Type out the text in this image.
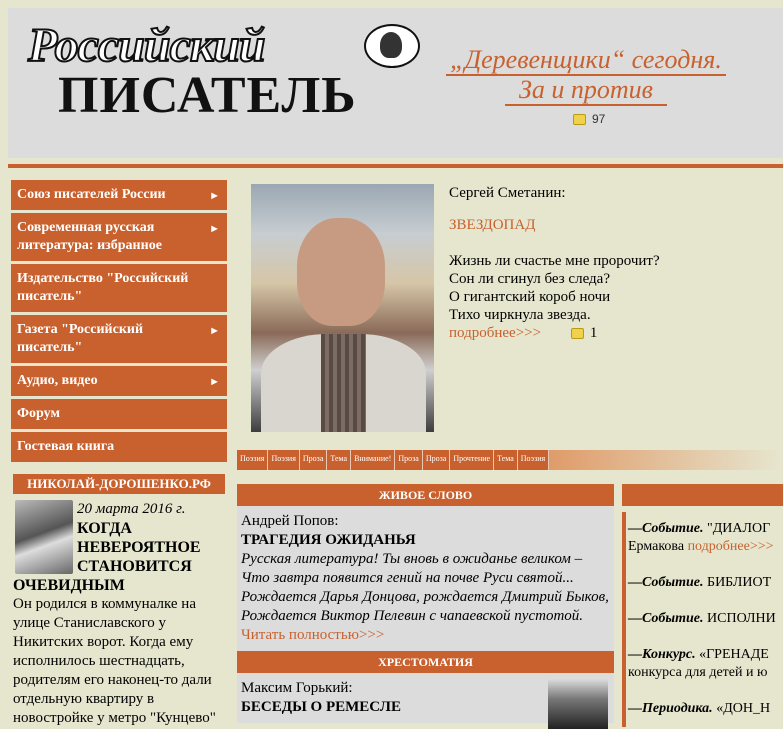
Российский
ПИСАТЕЛЬ
„Деревенщики“ сегодня.
За и против
97
Союз писателей России	►
Современная русская литература: избранное
►
Издательство "Российский писатель"
Газета "Российский писатель"
►
Аудио, видео	►
Форум
Гостевая книга
НИКОЛАЙ-ДОРОШЕНКО.РФ
20 марта 2016 г.
КОГДА НЕВЕРОЯТНОЕ СТАНОВИТСЯ ОЧЕВИДНЫМ
Он родился в коммуналке на улице Станиславского у Никитских ворот. Когда ему исполнилось шестнадцать, родителям его наконец-то дали отдельную квартиру в новостройке у метро "Кунцево"
Сергей Сметанин:
ЗВЕЗДОПАД
Жизнь ли счастье мне пророчит?
Сон ли сгинул без следа?
О гигантский короб ночи
Тихо чиркнула звезда.
подробнее>>>	1
Поэзия Поэзия Проза Тема Внимание! Проза Проза Прочтение Тема Поэзия
ЖИВОЕ СЛОВО
Андрей Попов:
ТРАГЕДИЯ ОЖИДАНЬЯ
Русская литература! Ты вновь в ожиданье великом – Что завтра появится гений на почве Руси святой... Рождается Дарья Донцова, рождается Дмитрий Быков, Рождается Виктор Пелевин с чапаевской пустотой.
Читать полностью>>>
ХРЕСТОМАТИЯ
Максим Горький:
БЕСЕДЫ О РЕМЕСЛЕ
—Событие. "ДИАЛОГ
Ермакова подробнее>>>
—Событие. БИБЛИОТ
—Событие. ИСПОЛНИ
—Конкурс. «ГРЕНАДЕ
конкурса для детей и ю
—Периодика. «ДОН_Н
